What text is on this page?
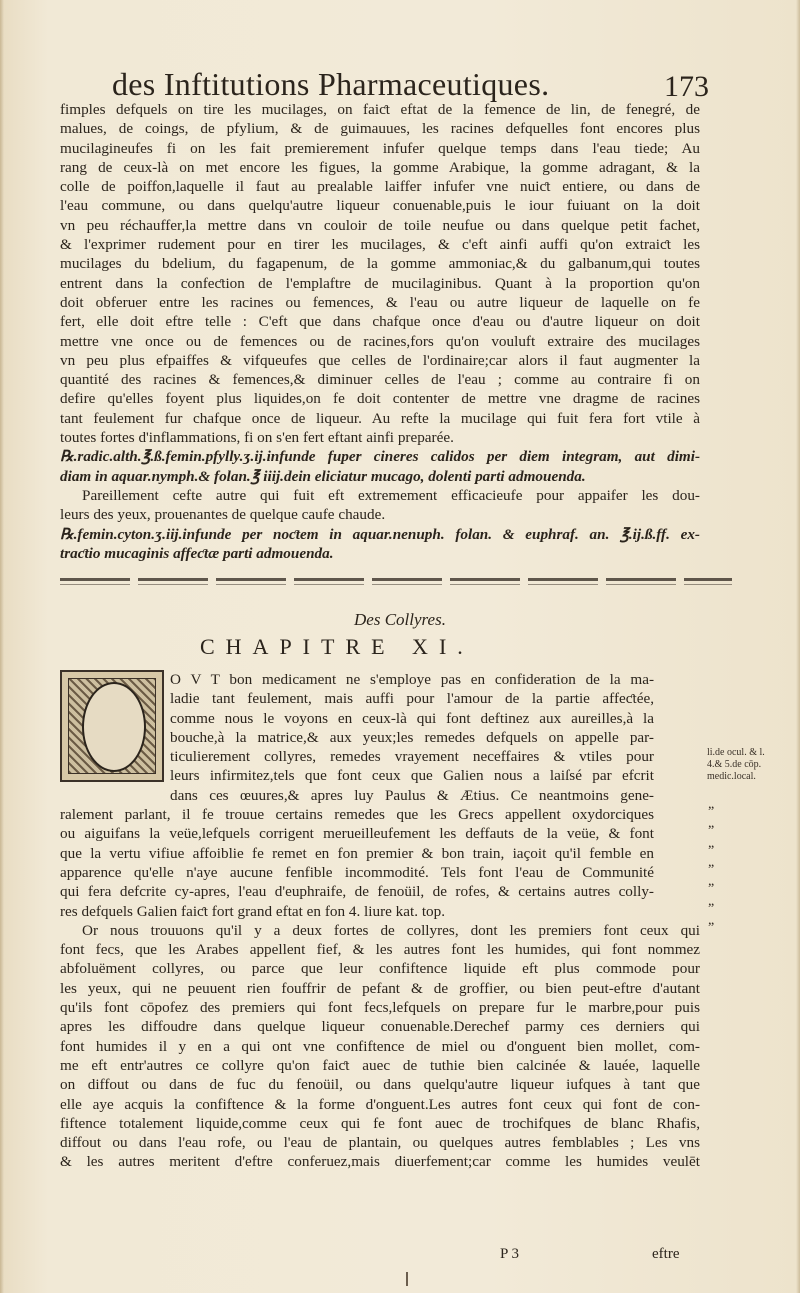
des Inftitutions Pharmaceutiques.	173
fimples defquels on tire les mucilages, on faiƈt eftat de la femence de lin, de fenegré, de
malues, de coings, de pfylium, & de guimauues, les racines defquelles font encores plus
mucilagineufes fi on les fait premierement infufer quelque temps dans l'eau tiede; Au
rang de ceux-là on met encore les figues, la gomme Arabique, la gomme adragant, & la
colle de poiffon,laquelle il faut au prealable laiffer infufer vne nuiƈt entiere, ou dans de
l'eau commune, ou dans quelqu'autre liqueur conuenable,puis le iour fuiuant on la doit
vn peu réchauffer,la mettre dans vn couloir de toile neufue ou dans quelque petit fachet,
& l'exprimer rudement pour en tirer les mucilages, & c'eft ainfi auffi qu'on extraiƈt les
mucilages du bdelium, du fagapenum, de la gomme ammoniac,& du galbanum,qui toutes
entrent dans la confeƈtion de l'emplaftre de mucilaginibus. Quant à la proportion qu'on
doit obferuer entre les racines ou femences, & l'eau ou autre liqueur de laquelle on fe
fert, elle doit eftre telle : C'eft que dans chafque once d'eau ou d'autre liqueur on doit
mettre vne once ou de femences ou de racines,fors qu'on vouluft extraire des mucilages
vn peu plus efpaiffes & vifqueufes que celles de l'ordinaire;car alors il faut augmenter la
quantité des racines & femences,& diminuer celles de l'eau ; comme au contraire fi on
defire qu'elles foyent plus liquides,on fe doit contenter de mettre vne dragme de racines
tant feulement fur chafque once de liqueur. Au refte la mucilage qui fuit fera fort vtile à
toutes fortes d'inflammations, fi on s'en fert eftant ainfi preparée.
℞.radic.alth.℥.ß.femin.pfylly.ʒ.ij.infunde fuper cineres calidos per diem integram, aut dimi-
diam in aquar.nymph.& folan.℥ iiij.dein eliciatur mucago, dolenti parti admouenda.
Pareillement cefte autre qui fuit eft extremement efficacieufe pour appaifer les dou-
leurs des yeux, prouenantes de quelque caufe chaude.
℞.femin.cyton.ʒ.iij.infunde per noƈtem in aquar.nenuph. folan. & euphraf. an. ℥.ij.ß.ff. ex-
traƈtio mucaginis affeƈtæ parti admouenda.
Des Collyres.
CHAPITRE XI.
O V T bon medicament ne s'employe pas en confideration de la ma-
ladie tant feulement, mais auffi pour l'amour de la partie affeƈtée,
comme nous le voyons en ceux-là qui font deftinez aux aureilles,à la
bouche,à la matrice,& aux yeux;les remedes defquels on appelle par-
ticulierement collyres, remedes vrayement neceffaires & vtiles pour
leurs infirmitez,tels que font ceux que Galien nous a laiſsé par efcrit
dans ces œuures,& apres luy Paulus & Ætius. Ce neantmoins gene-
ralement parlant, il fe trouue certains remedes que les Grecs appellent oxydorciques
ou aiguifans la veüe,lefquels corrigent merueilleufement les deffauts de la veüe, & font
que la vertu vifiue affoiblie fe remet en fon premier & bon train, iaçoit qu'il femble en
apparence qu'elle n'aye aucune fenfible incommodité. Tels font l'eau de Communité
qui fera defcrite cy-apres, l'eau d'euphraife, de fenoüil, de rofes, & certains autres colly-
res defquels Galien faiƈt fort grand eftat en fon 4. liure kat. top.
Or nous trouuons qu'il y a deux fortes de collyres, dont les premiers font ceux qui
font fecs, que les Arabes appellent fief, & les autres font les humides, qui font nommez
abfoluëment collyres, ou parce que leur confiftence liquide eft plus commode pour
les yeux, qui ne peuuent rien fouffrir de pefant & de groffier, ou bien peut-eftre d'autant
qu'ils font cōpofez des premiers qui font fecs,lefquels on prepare fur le marbre,pour puis
apres les diffoudre dans quelque liqueur conuenable.Derechef parmy ces derniers qui
font humides il y en a qui ont vne confiftence de miel ou d'onguent bien mollet, com-
me eft entr'autres ce collyre qu'on faiƈt auec de tuthie bien calcinée & lauée, laquelle
on diffout ou dans de fuc du fenoüil, ou dans quelqu'autre liqueur iufques à tant que
elle aye acquis la confiftence & la forme d'onguent.Les autres font ceux qui font de con-
fiftence totalement liquide,comme ceux qui fe font auec de trochifques de blanc Rhafis,
diffout ou dans l'eau rofe, ou l'eau de plantain, ou quelques autres femblables ; Les vns
& les autres meritent d'eftre conferuez,mais diuerfement;car comme les humides veulēt
li.de ocul. & l.
4.& 5.de cōp.
medic.local.
„
„
„
„
„
„
„
P 3	eftre
